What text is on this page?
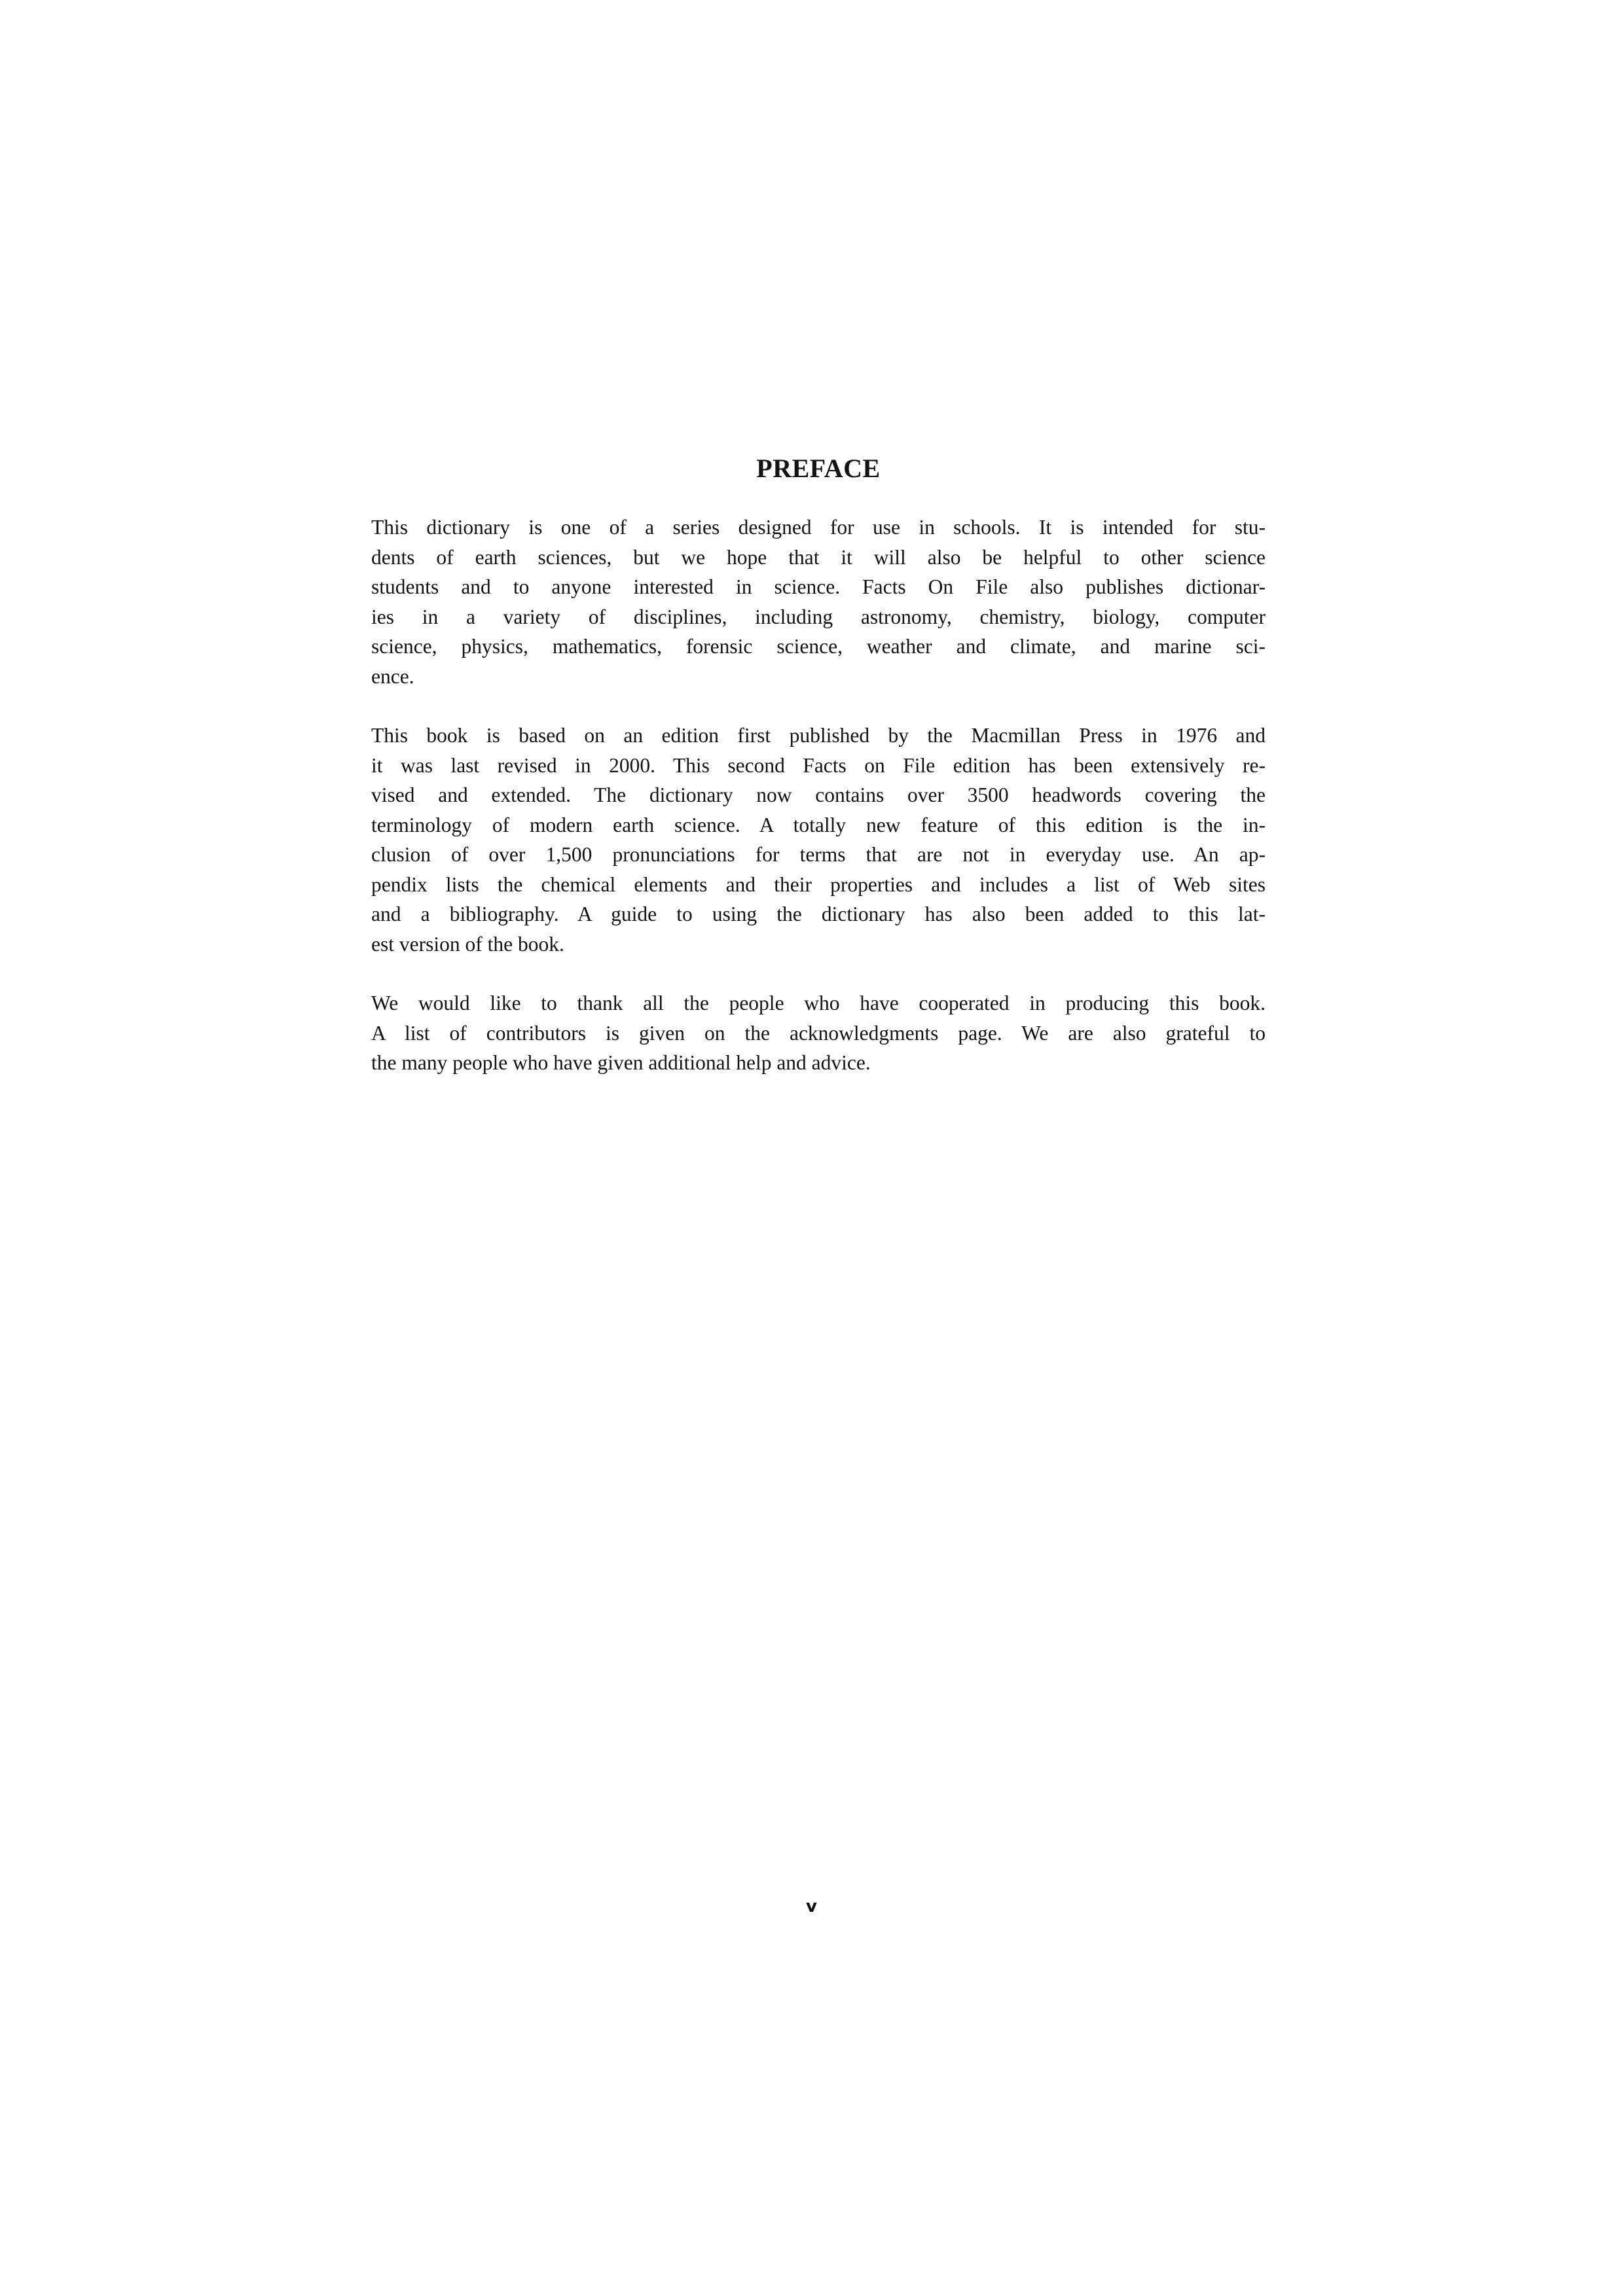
PREFACE
This dictionary is one of a series designed for use in schools. It is intended for stu-
dents of earth sciences, but we hope that it will also be helpful to other science
students and to anyone interested in science. Facts On File also publishes dictionar-
ies in a variety of disciplines, including astronomy, chemistry, biology, computer
science, physics, mathematics, forensic science, weather and climate, and marine sci-
ence.
This book is based on an edition first published by the Macmillan Press in 1976 and
it was last revised in 2000. This second Facts on File edition has been extensively re-
vised and extended. The dictionary now contains over 3500 headwords covering the
terminology of modern earth science. A totally new feature of this edition is the in-
clusion of over 1,500 pronunciations for terms that are not in everyday use. An ap-
pendix lists the chemical elements and their properties and includes a list of Web sites
and a bibliography. A guide to using the dictionary has also been added to this lat-
est version of the book.
We would like to thank all the people who have cooperated in producing this book.
A list of contributors is given on the acknowledgments page. We are also grateful to
the many people who have given additional help and advice.
v
